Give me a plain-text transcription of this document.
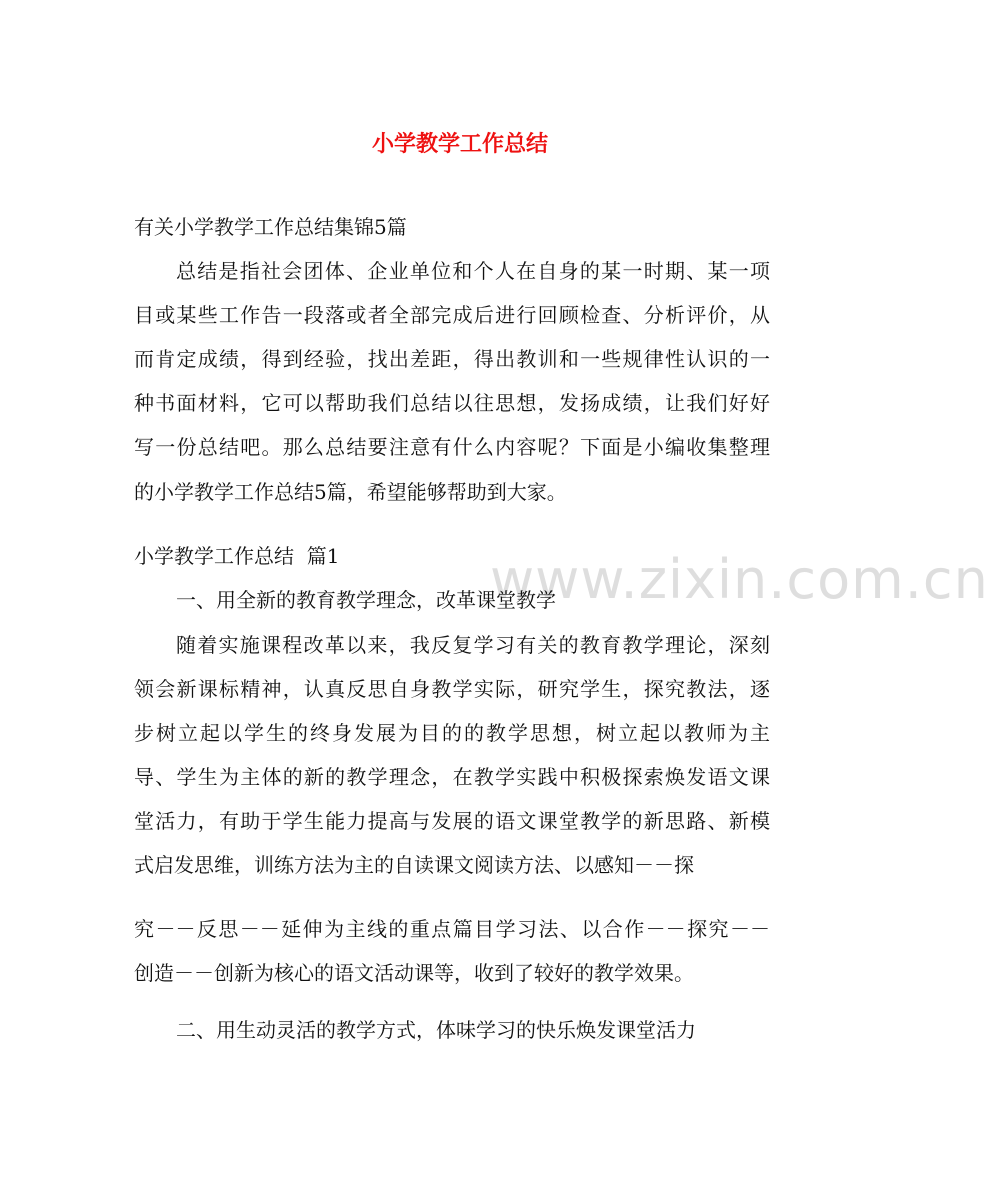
小学教学工作总结

有关小学教学工作总结集锦5篇

总结是指社会团体、企业单位和个人在自身的某一时期、某一项

目或某些工作告一段落或者全部完成后进行回顾检查、分析评价，从

而肯定成绩，得到经验，找出差距，得出教训和一些规律性认识的一

种书面材料，它可以帮助我们总结以往思想，发扬成绩，让我们好好

写一份总结吧。那么总结要注意有什么内容呢？下面是小编收集整理

的小学教学工作总结5篇，希望能够帮助到大家。

小学教学工作总结  篇1	www.zixin.com.cn

一、用全新的教育教学理念，改革课堂教学

随着实施课程改革以来，我反复学习有关的教育教学理论，深刻

领会新课标精神，认真反思自身教学实际，研究学生，探究教法，逐

步树立起以学生的终身发展为目的的教学思想，树立起以教师为主

导、学生为主体的新的教学理念，在教学实践中积极探索焕发语文课

堂活力，有助于学生能力提高与发展的语文课堂教学的新思路、新模

式启发思维，训练方法为主的自读课文阅读方法、以感知－－探

究－－反思－－延伸为主线的重点篇目学习法、以合作－－探究－－

创造－－创新为核心的语文活动课等，收到了较好的教学效果。

二、用生动灵活的教学方式，体味学习的快乐焕发课堂活力
